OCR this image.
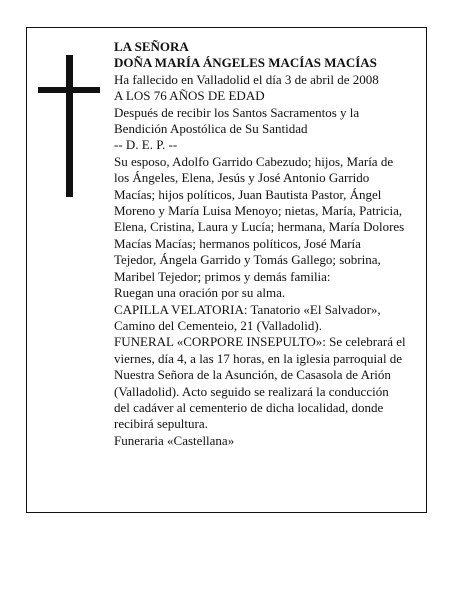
LA SEÑORA
DOÑA MARÍA ÁNGELES MACÍAS MACÍAS
Ha fallecido en Valladolid el día 3 de abril de 2008
A LOS 76 AÑOS DE EDAD
Después de recibir los Santos Sacramentos y la
Bendición Apostólica de Su Santidad
-- D. E. P. --
Su esposo, Adolfo Garrido Cabezudo; hijos, María de
los Ángeles, Elena, Jesús y José Antonio Garrido
Macías; hijos políticos, Juan Bautista Pastor, Ángel
Moreno y María Luisa Menoyo; nietas, María, Patricia,
Elena, Cristina, Laura y Lucía; hermana, María Dolores
Macías Macías; hermanos políticos, José María
Tejedor, Ángela Garrido y Tomás Gallego; sobrina,
Maribel Tejedor; primos y demás familia:
Ruegan una oración por su alma.
CAPILLA VELATORIA: Tanatorio «El Salvador»,
Camino del Cementeio, 21 (Valladolid).
FUNERAL «CORPORE INSEPULTO»: Se celebrará el
viernes, día 4, a las 17 horas, en la iglesia parroquial de
Nuestra Señora de la Asunción, de Casasola de Arión
(Valladolid). Acto seguido se realizará la conducción
del cadáver al cementerio de dicha localidad, donde
recibirá sepultura.
Funeraria «Castellana»
